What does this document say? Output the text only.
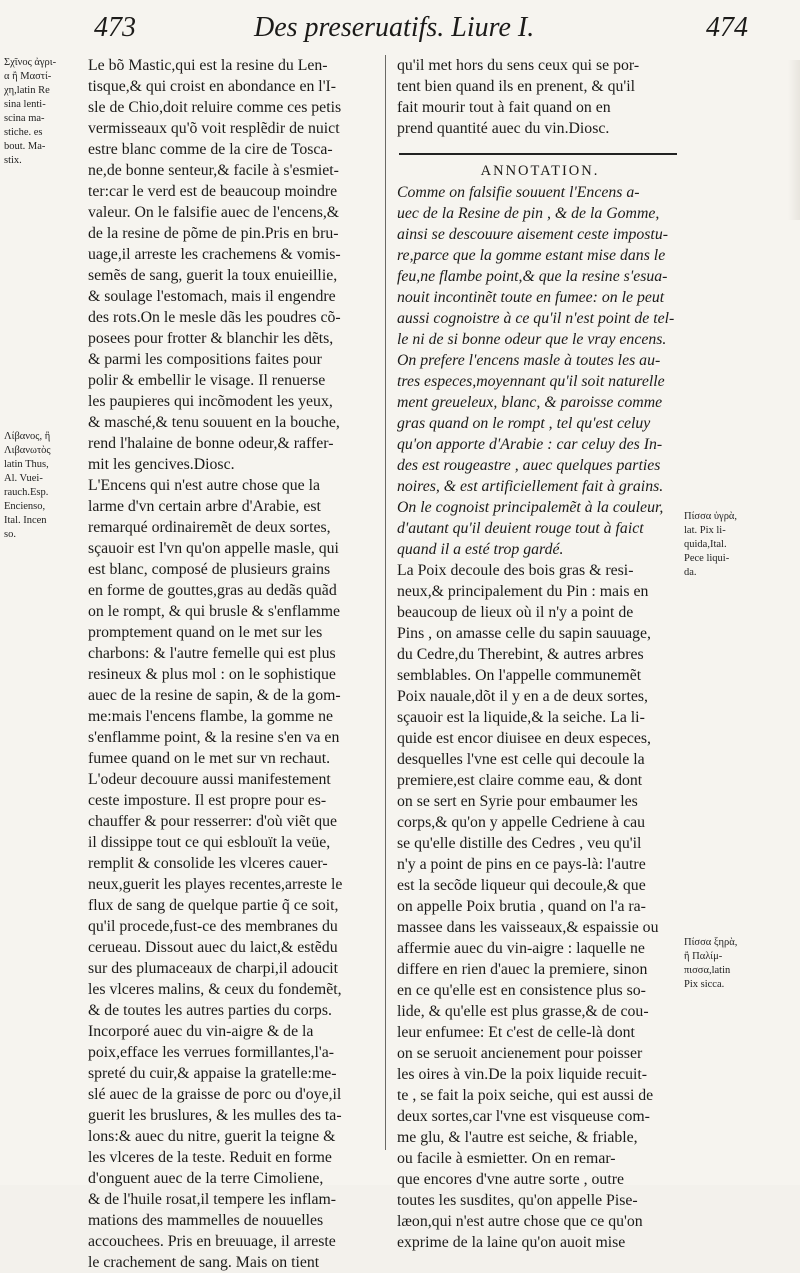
473	Des preseruatifs. Liure I.	474
Σχῖνος ἀγρι-
α ἢ Μαστί-
χη,latin Re
sina lenti-
scina ma-
stiche. es
bout. Ma-
stix.
Λίβανος, ἢ
Λιβανωτὸς
latin Thus,
Al. Vuei-
rauch.Esp.
Enciensо,
Ital. Incen
so.
Le bõ Mastic,qui est la resine du Len-
tisque,& qui croist en abondance en l'I-
sle de Chio,doit reluire comme ces petis
vermisseaux qu'õ voit resplẽdir de nuict
estre blanc comme de la cire de Tosca-
ne,de bonne senteur,& facile à s'esmiet-
ter:car le verd est de beaucoup moindre
valeur. On le falsifie auec de l'encens,&
de la resine de põme de pin.Pris en bru-
uage,il arreste les crachemens & vomis-
semẽs de sang, guerit la toux enuieillie,
& soulage l'estomach, mais il engendre
des rots.On le mesle dãs les poudres cõ-
posees pour frotter & blanchir les dẽts,
& parmi les compositions faites pour
polir & embellir le visage. Il renuerse
les paupieres qui incõmodent les yeux,
& masché,& tenu souuent en la bouche,
rend l'halaine de bonne odeur,& raffer-
mit les gencives.Diosc.
L'Encens qui n'est autre chose que la
larme d'vn certain arbre d'Arabie, est
remarqué ordinairemẽt de deux sortes,
sçauoir est l'vn qu'on appelle masle, qui
est blanc, composé de plusieurs grains
en forme de gouttes,gras au dedãs quãd
on le rompt, & qui brusle & s'enflamme
promptement quand on le met sur les
charbons: & l'autre femelle qui est plus
resineux & plus mol : on le sophistique
auec de la resine de sapin, & de la gom-
me:mais l'encens flambe, la gomme ne
s'enflamme point, & la resine s'en va en
fumee quand on le met sur vn rechaut.
L'odeur decouure aussi manifestement
ceste imposture. Il est propre pour es-
chauffer & pour resserrer: d'où viẽt que
il dissippe tout ce qui esblouït la veüe,
remplit & consolide les vlceres cauer-
neux,guerit les playes recentes,arreste le
flux de sang de quelque partie q̃ ce soit,
qu'il procede,fust-ce des membranes du
cerueau. Dissout auec du laict,& estẽdu
sur des plumaceaux de charpi,il adoucit
les vlceres malins, & ceux du fondemẽt,
& de toutes les autres parties du corps.
Incorporé auec du vin-aigre & de la
poix,efface les verrues formillantes,l'a-
spreté du cuir,& appaise la gratelle:me-
slé auec de la graisse de porc ou d'oye,il
guerit les bruslures, & les mulles des ta-
lons:& auec du nitre, guerit la teigne &
les vlceres de la teste. Reduit en forme
d'onguent auec de la terre Cimoliene,
& de l'huile rosat,il tempere les inflam-
mations des mammelles de nouuelles
accouchees. Pris en breuuage, il arreste
le crachement de sang. Mais on tient
qu'il met hors du sens ceux qui se por-
tent bien quand ils en prenent, & qu'il
fait mourir tout à fait quand on en
prend quantité auec du vin.Diosc.
ANNOTATION.
Comme on falsifie souuent l'Encens a-
uec de la Resine de pin , & de la Gomme,
ainsi se descouure aisement ceste impostu-
re,parce que la gomme estant mise dans le
feu,ne flambe point,& que la resine s'esua-
nouit incontinẽt toute en fumee: on le peut
aussi cognoistre à ce qu'il n'est point de tel-
le ni de si bonne odeur que le vray encens.
On prefere l'encens masle à toutes les au-
tres especes,moyennant qu'il soit naturelle
ment greueleux, blanc, & paroisse comme
gras quand on le rompt , tel qu'est celuy
qu'on apporte d'Arabie : car celuy des In-
des est rougeastre , auec quelques parties
noires, & est artificiellement fait à grains.
On le cognoist principalemẽt à la couleur,
d'autant qu'il deuient rouge tout à faict
quand il a esté trop gardé.
La Poix decoule des bois gras & resi-
neux,& principalement du Pin : mais en
beaucoup de lieux où il n'y a point de
Pins , on amasse celle du sapin sauuage,
du Cedre,du Therebint, & autres arbres
semblables. On l'appelle communemẽt
Poix nauale,dõt il y en a de deux sortes,
sçauoir est la liquide,& la seiche. La li-
quide est encor diuisee en deux especes,
desquelles l'vne est celle qui decoule la
premiere,est claire comme eau, & dont
on se sert en Syrie pour embaumer les
corps,& qu'on y appelle Cedriene à cau
se qu'elle distille des Cedres , veu qu'il
n'y a point de pins en ce pays-là: l'autre
est la secõde liqueur qui decoule,& que
on appelle Poix brutia , quand on l'a ra-
massee dans les vaisseaux,& espaissie ou
affermie auec du vin-aigre : laquelle ne
differe en rien d'auec la premiere, sinon
en ce qu'elle est en consistence plus so-
lide, & qu'elle est plus grasse,& de cou-
leur enfumee: Et c'est de celle-là dont
on se seruoit ancienement pour poisser
les oires à vin.De la poix liquide recuit-
te , se fait la poix seiche, qui est aussi de
deux sortes,car l'vne est visqueuse com-
me glu, & l'autre est seiche, & friable,
ou facile à esmietter. On en remar-
que encores d'vne autre sorte , outre
toutes les susdites, qu'on appelle Pise-
læon,qui n'est autre chose que ce qu'on
exprime de la laine qu'on auoit mise
Πίσσα ὑγρὰ,
lat. Pix li-
quida,Ital.
Pece liqui-
da.
Πίσσα ξηρὰ,
ἢ Παλίμ-
πισσα,latin
Pix sicca.
